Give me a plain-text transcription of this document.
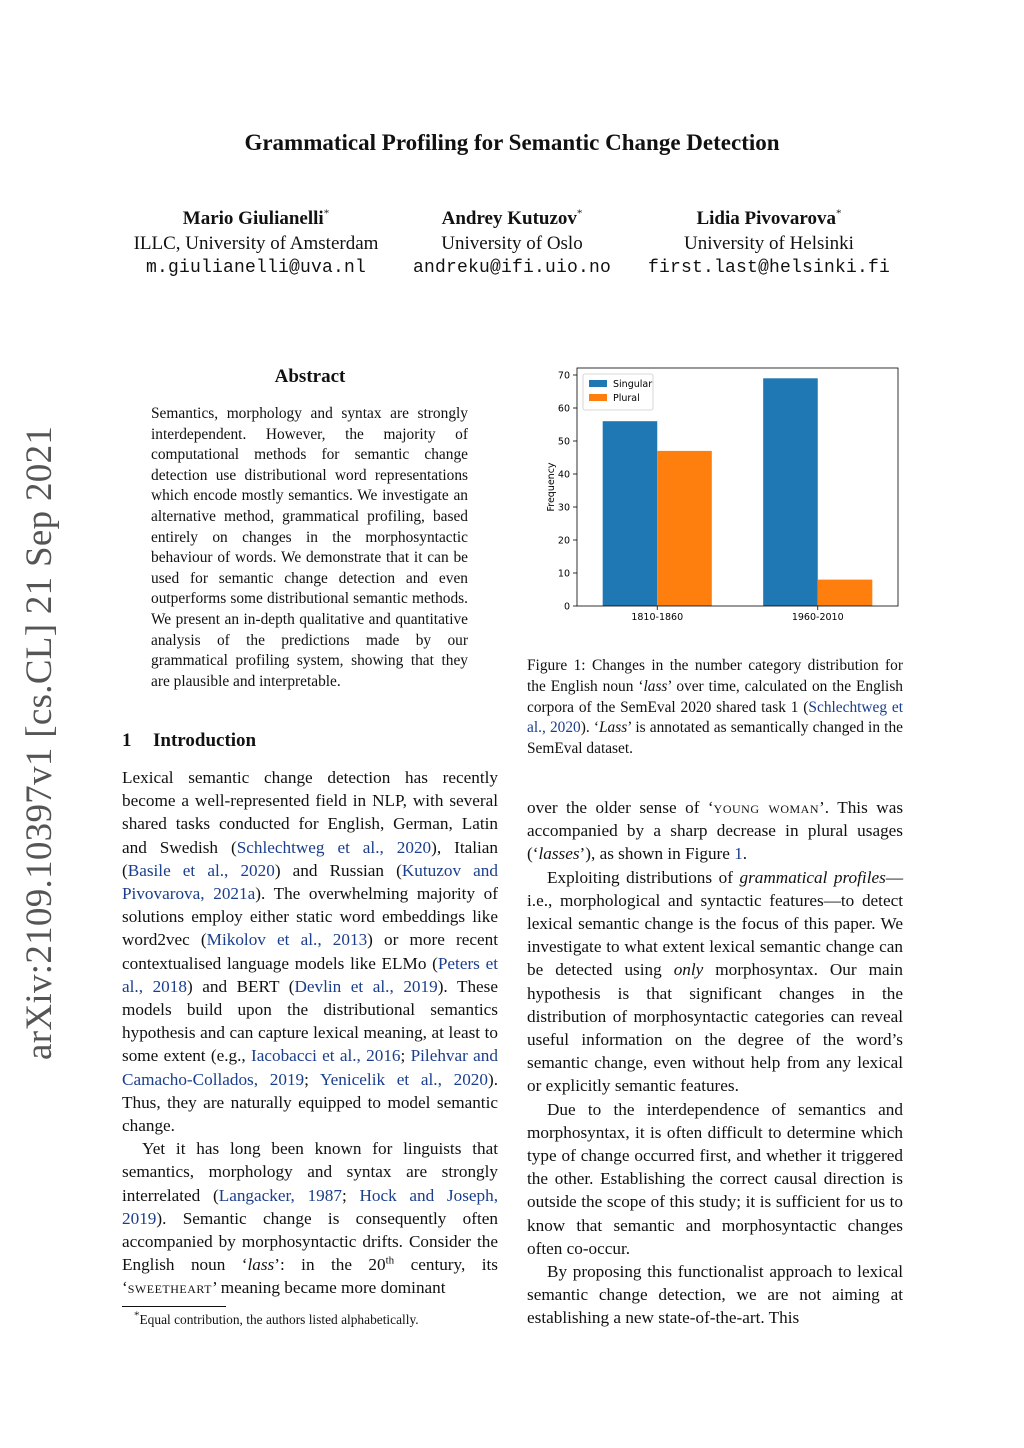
Grammatical Profiling for Semantic Change Detection
Mario Giulianelli*
ILLC, University of Amsterdam
m.giulianelli@uva.nl
Andrey Kutuzov*
University of Oslo
andreku@ifi.uio.no
Lidia Pivovarova*
University of Helsinki
first.last@helsinki.fi
arXiv:2109.10397v1 [cs.CL] 21 Sep 2021
Abstract
Semantics, morphology and syntax are strongly interdependent. However, the majority of computational methods for semantic change detection use distributional word representations which encode mostly semantics. We investigate an alternative method, grammatical profiling, based entirely on changes in the morphosyntactic behaviour of words. We demonstrate that it can be used for semantic change detection and even outperforms some distributional semantic methods. We present an in-depth qualitative and quantitative analysis of the predictions made by our grammatical profiling system, showing that they are plausible and interpretable.
1 Introduction

Lexical semantic change detection has recently become a well-represented field in NLP, with several shared tasks conducted for English, German, Latin and Swedish (Schlechtweg et al., 2020), Italian (Basile et al., 2020) and Russian (Kutuzov and Pivovarova, 2021a). The overwhelming majority of solutions employ either static word embeddings like word2vec (Mikolov et al., 2013) or more recent contextualised language models like ELMo (Peters et al., 2018) and BERT (Devlin et al., 2019). These models build upon the distributional semantics hypothesis and can capture lexical meaning, at least to some extent (e.g., Iacobacci et al., 2016; Pilehvar and Camacho-Collados, 2019; Yenicelik et al., 2020). Thus, they are naturally equipped to model semantic change.

Yet it has long been known for linguists that semantics, morphology and syntax are strongly interrelated (Langacker, 1987; Hock and Joseph, 2019). Semantic change is consequently often accompanied by morphosyntactic drifts. Consider the English noun ‘lass’: in the 20th century, its ‘sweetheart’ meaning became more dominant

*Equal contribution, the authors listed alphabetically.
1810-1860	1960-2010
0
10
20
30
40
50
60
70
Frequency
Singular
Plural
Figure 1: Changes in the number category distribution for the English noun ‘lass’ over time, calculated on the English corpora of the SemEval 2020 shared task 1 (Schlechtweg et al., 2020). ‘Lass’ is annotated as semantically changed in the SemEval dataset.

over the older sense of ‘young woman’. This was accompanied by a sharp decrease in plural usages (‘lasses’), as shown in Figure 1.

Exploiting distributions of grammatical profiles—i.e., morphological and syntactic features—to detect lexical semantic change is the focus of this paper. We investigate to what extent lexical semantic change can be detected using only morphosyntax. Our main hypothesis is that significant changes in the distribution of morphosyntactic categories can reveal useful information on the degree of the word’s semantic change, even without help from any lexical or explicitly semantic features.

Due to the interdependence of semantics and morphosyntax, it is often difficult to determine which type of change occurred first, and whether it triggered the other. Establishing the correct causal direction is outside the scope of this study; it is sufficient for us to know that semantic and morphosyntactic changes often co-occur.

By proposing this functionalist approach to lexical semantic change detection, we are not aiming at establishing a new state-of-the-art. This
